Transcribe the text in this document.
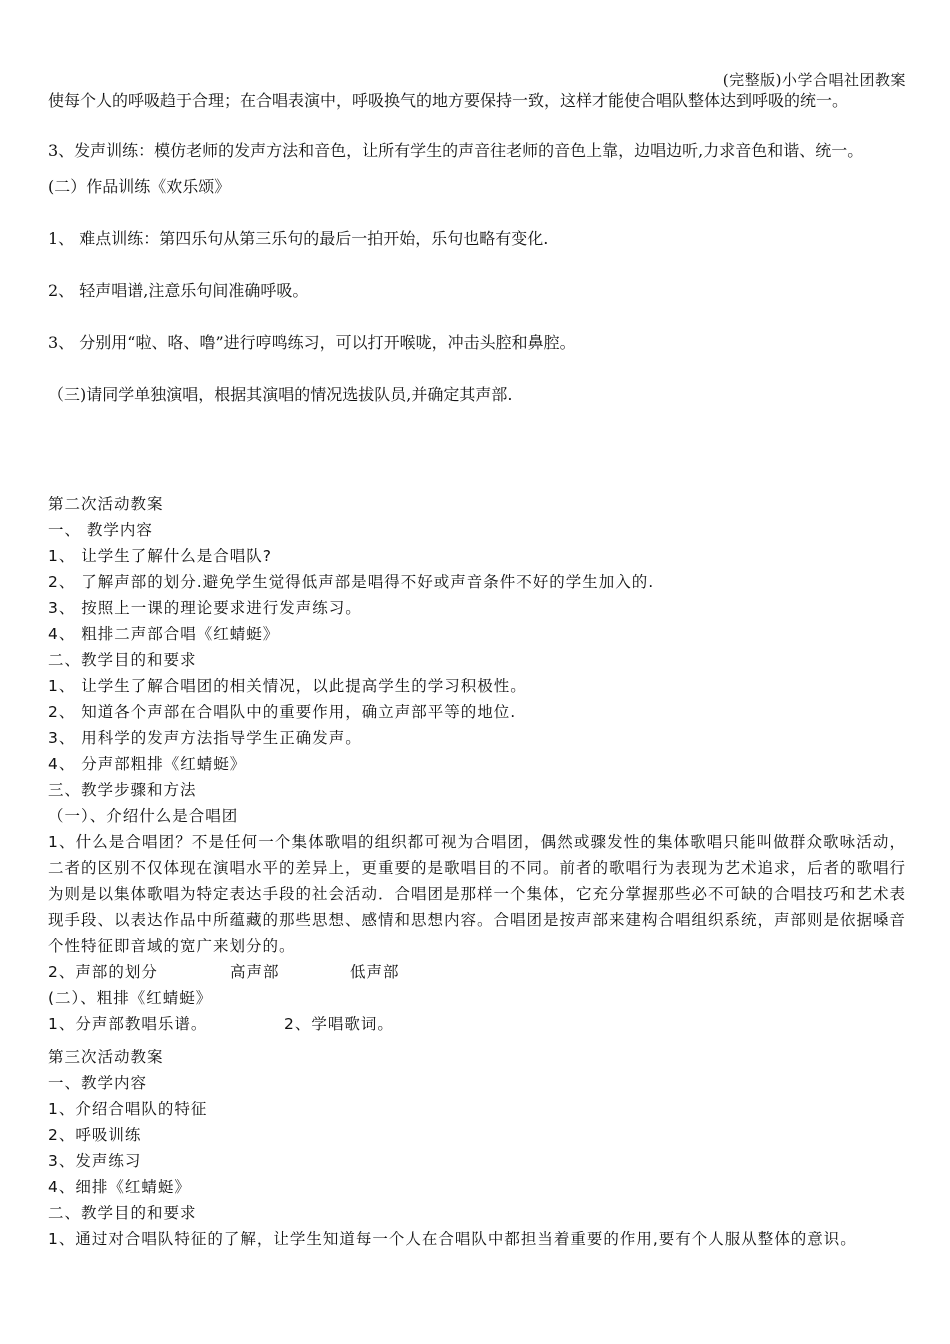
(完整版)小学合唱社团教案

使每个人的呼吸趋于合理；在合唱表演中，呼吸换气的地方要保持一致，这样才能使合唱队整体达到呼吸的统一。

3、发声训练：模仿老师的发声方法和音色，让所有学生的声音往老师的音色上靠，边唱边听,力求音色和谐、统一。

(二）作品训练《欢乐颂》

1、 难点训练：第四乐句从第三乐句的最后一拍开始，乐句也略有变化.

2、 轻声唱谱,注意乐句间准确呼吸。

3、 分别用“啦、咯、噜”进行哼鸣练习，可以打开喉咙，冲击头腔和鼻腔。

（三)请同学单独演唱，根据其演唱的情况选拔队员,并确定其声部.

第二次活动教案

一、 教学内容

1、 让学生了解什么是合唱队?

2、 了解声部的划分.避免学生觉得低声部是唱得不好或声音条件不好的学生加入的.

3、 按照上一课的理论要求进行发声练习。

4、 粗排二声部合唱《红蜻蜓》

二、教学目的和要求

1、 让学生了解合唱团的相关情况，以此提高学生的学习积极性。

2、 知道各个声部在合唱队中的重要作用，确立声部平等的地位.

3、 用科学的发声方法指导学生正确发声。

4、 分声部粗排《红蜻蜓》

三、教学步骤和方法

（一）、介绍什么是合唱团

1、什么是合唱团？不是任何一个集体歌唱的组织都可视为合唱团，偶然或骤发性的集体歌唱只能叫做群众歌咏活动，二者的区别不仅体现在演唱水平的差异上，更重要的是歌唱目的不同。前者的歌唱行为表现为艺术追求，后者的歌唱行为则是以集体歌唱为特定表达手段的社会活动．合唱团是那样一个集体，它充分掌握那些必不可缺的合唱技巧和艺术表现手段、以表达作品中所蕴藏的那些思想、感情和思想内容。合唱团是按声部来建构合唱组织系统，声部则是依据嗓音个性特征即音域的宽广来划分的。

2、声部的划分	高声部	低声部

(二）、粗排《红蜻蜓》

1、分声部教唱乐谱。	2、学唱歌词。

第三次活动教案

一、教学内容

1、介绍合唱队的特征

2、呼吸训练

3、发声练习

4、细排《红蜻蜓》

二、教学目的和要求

1、通过对合唱队特征的了解，让学生知道每一个人在合唱队中都担当着重要的作用,要有个人服从整体的意识。
